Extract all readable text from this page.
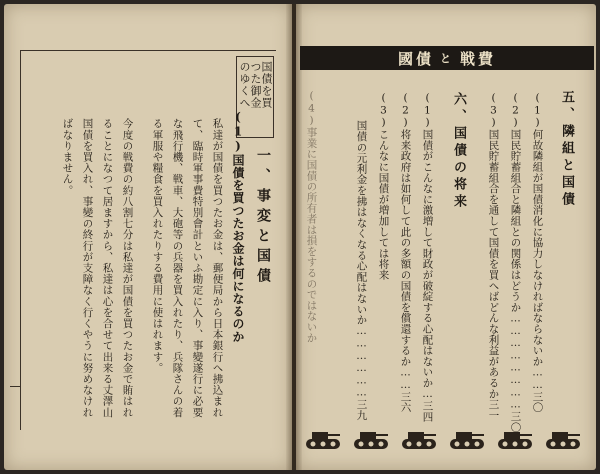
国債を買
つた御金
のゆくへ
一、事変と国債
(1)国債を買つたお金は何になるのか
私達が国債を買つたお金は、郵便局から日本銀行へ拂込まれ
て、臨時軍事費特別會計といふ勘定に入り、事變遂行に必要
な飛行機、戦車、大砲等の兵器を買入れたり、兵隊さんの着
る軍服や糧食を買入れたりする費用に使はれます。
今度の戦費の約八割七分は私達が国債を買つたお金で賄はれ
ることになつて居ますから、私達は心を合せて出来る丈澤山
国債を買入れ、事變の終行が支障なく行くやうに努めなけれ
ばなりません。
國債 と 戦費
五、隣組と国債
(1)何故隣組が国債消化に協力しなければならないか……三〇
(2)国民貯蓄組合と隣組との関係はどうか……………………三〇
(3)国民貯蓄組合を通して国債を買へばどんな利益があるか三一
六、国債の将来
(1)国債がこんなに激増して財政が破綻する心配はないか…三四
(2)将来政府は如何して此の多額の国債を償還するか……三六
(3)こんなに国債が増加しては将来
国債の元利金を拂はなくなる心配はないか………………三九
(4)事業に国債の所有者は損をするのではないか
